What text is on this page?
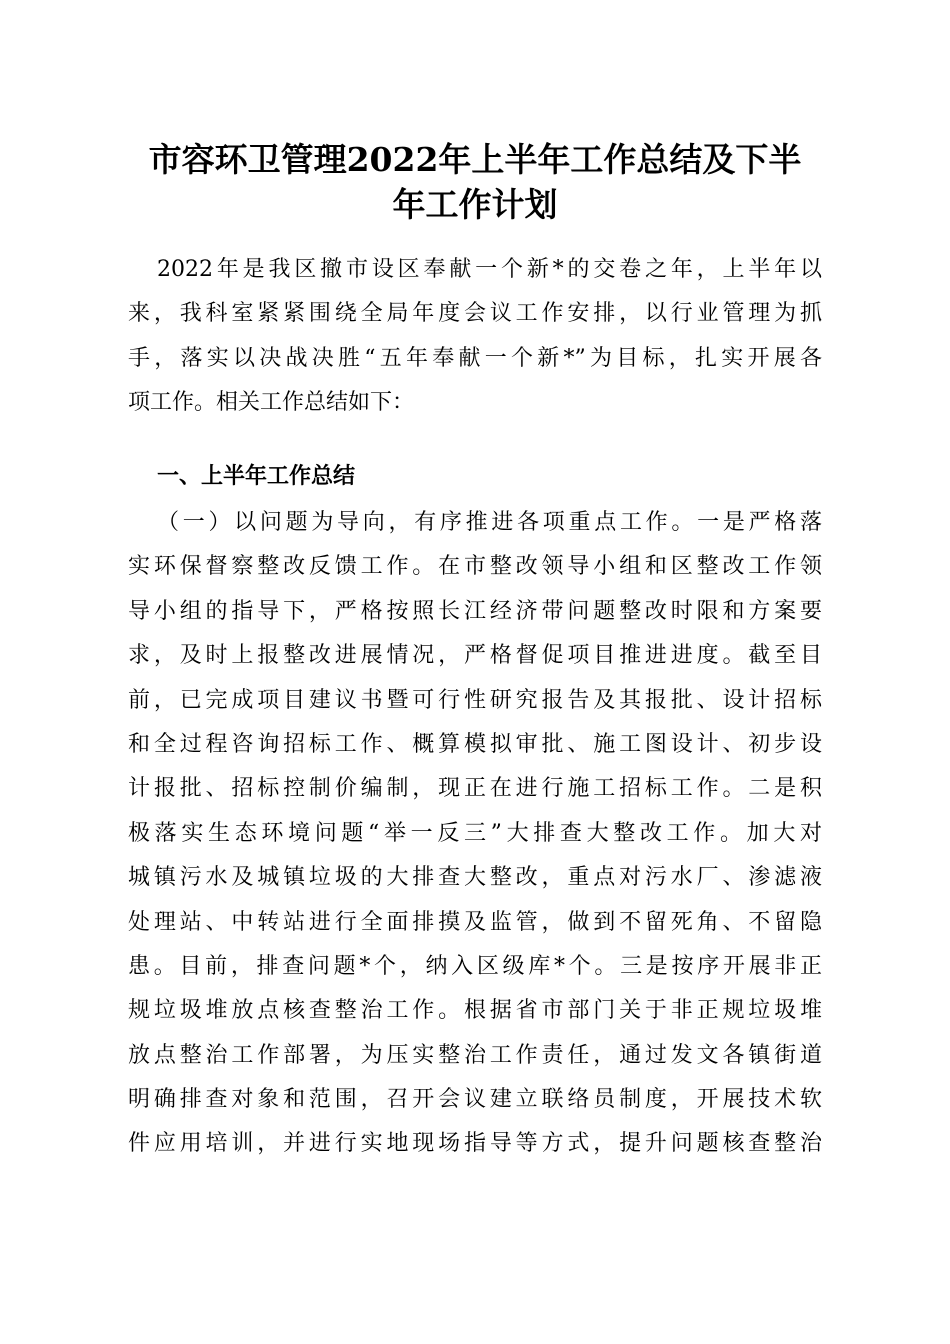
市容环卫管理2022年上半年工作总结及下半
年工作计划
2022年是我区撤市设区奉献一个新*的交卷之年，上半年以
来，我科室紧紧围绕全局年度会议工作安排，以行业管理为抓
手，落实以决战决胜“五年奉献一个新*”为目标，扎实开展各
项工作。相关工作总结如下：
一、上半年工作总结
（一）以问题为导向，有序推进各项重点工作。一是严格落
实环保督察整改反馈工作。在市整改领导小组和区整改工作领
导小组的指导下，严格按照长江经济带问题整改时限和方案要
求，及时上报整改进展情况，严格督促项目推进进度。截至目
前，已完成项目建议书暨可行性研究报告及其报批、设计招标
和全过程咨询招标工作、概算模拟审批、施工图设计、初步设
计报批、招标控制价编制，现正在进行施工招标工作。二是积
极落实生态环境问题“举一反三”大排查大整改工作。加大对
城镇污水及城镇垃圾的大排查大整改，重点对污水厂、渗滤液
处理站、中转站进行全面排摸及监管，做到不留死角、不留隐
患。目前，排查问题*个，纳入区级库*个。三是按序开展非正
规垃圾堆放点核查整治工作。根据省市部门关于非正规垃圾堆
放点整治工作部署，为压实整治工作责任，通过发文各镇街道
明确排查对象和范围，召开会议建立联络员制度，开展技术软
件应用培训，并进行实地现场指导等方式，提升问题核查整治
